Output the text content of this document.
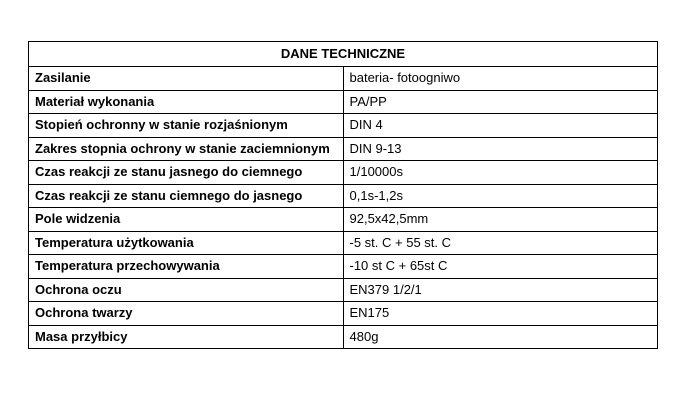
DANE TECHNICZNE	
Zasilanie	bateria- fotoogniwo
Materiał wykonania	PA/PP
Stopień ochronny w stanie rozjaśnionym	DIN 4
Zakres stopnia ochrony w stanie zaciemnionym	DIN 9-13
Czas reakcji ze stanu jasnego do ciemnego	1/10000s
Czas reakcji ze stanu ciemnego do jasnego	0,1s-1,2s
Pole widzenia	92,5x42,5mm
Temperatura użytkowania	-5 st. C + 55 st. C
Temperatura przechowywania	-10 st C + 65st C
Ochrona oczu	EN379 1/2/1
Ochrona twarzy	EN175
Masa przyłbicy	480g
